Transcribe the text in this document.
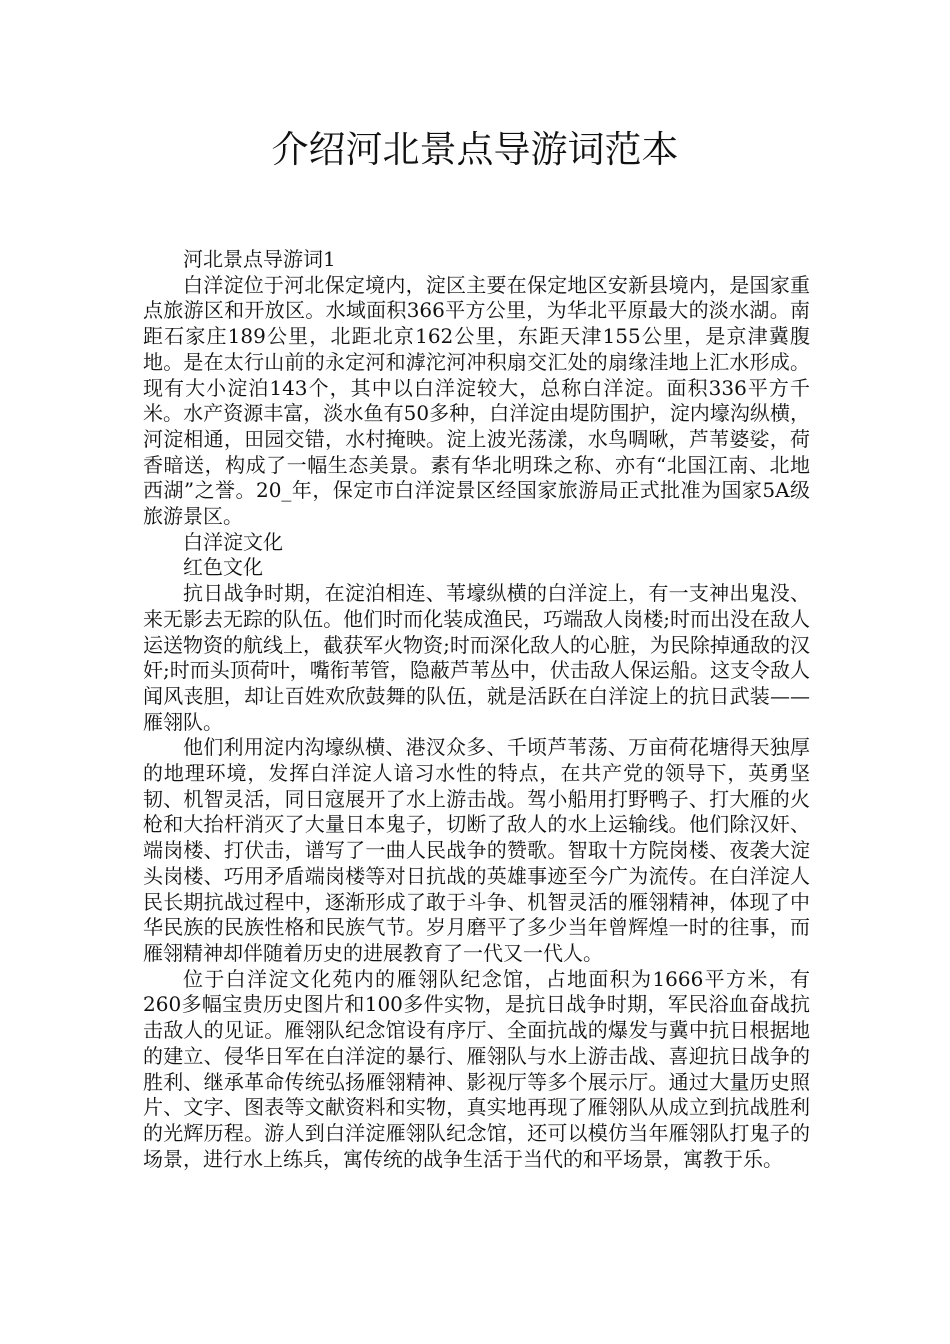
介绍河北景点导游词范本

河北景点导游词1

白洋淀位于河北保定境内，淀区主要在保定地区安新县境内，是国家重点旅游区和开放区。水域面积366平方公里，为华北平原最大的淡水湖。南距石家庄189公里，北距北京162公里，东距天津155公里，是京津冀腹地。是在太行山前的永定河和滹沱河冲积扇交汇处的扇缘洼地上汇水形成。现有大小淀泊143个，其中以白洋淀较大，总称白洋淀。面积336平方千米。水产资源丰富，淡水鱼有50多种，白洋淀由堤防围护，淀内壕沟纵横，河淀相通，田园交错，水村掩映。淀上波光荡漾，水鸟啁啾，芦苇婆娑，荷香暗送，构成了一幅生态美景。素有华北明珠之称、亦有“北国江南、北地西湖”之誉。20_年，保定市白洋淀景区经国家旅游局正式批准为国家5A级旅游景区。

白洋淀文化

红色文化

抗日战争时期，在淀泊相连、苇壕纵横的白洋淀上，有一支神出鬼没、来无影去无踪的队伍。他们时而化装成渔民，巧端敌人岗楼;时而出没在敌人运送物资的航线上，截获军火物资;时而深化敌人的心脏，为民除掉通敌的汉奸;时而头顶荷叶，嘴衔苇管，隐蔽芦苇丛中，伏击敌人保运船。这支令敌人闻风丧胆，却让百姓欢欣鼓舞的队伍，就是活跃在白洋淀上的抗日武装——雁翎队。

他们利用淀内沟壕纵横、港汊众多、千顷芦苇荡、万亩荷花塘得天独厚的地理环境，发挥白洋淀人谙习水性的特点，在共产党的领导下，英勇坚韧、机智灵活，同日寇展开了水上游击战。驾小船用打野鸭子、打大雁的火枪和大抬杆消灭了大量日本鬼子，切断了敌人的水上运输线。他们除汉奸、端岗楼、打伏击，谱写了一曲人民战争的赞歌。智取十方院岗楼、夜袭大淀头岗楼、巧用矛盾端岗楼等对日抗战的英雄事迹至今广为流传。在白洋淀人民长期抗战过程中，逐渐形成了敢于斗争、机智灵活的雁翎精神，体现了中华民族的民族性格和民族气节。岁月磨平了多少当年曾辉煌一时的往事，而雁翎精神却伴随着历史的进展教育了一代又一代人。

位于白洋淀文化苑内的雁翎队纪念馆，占地面积为1666平方米，有260多幅宝贵历史图片和100多件实物，是抗日战争时期，军民浴血奋战抗击敌人的见证。雁翎队纪念馆设有序厅、全面抗战的爆发与冀中抗日根据地的建立、侵华日军在白洋淀的暴行、雁翎队与水上游击战、喜迎抗日战争的胜利、继承革命传统弘扬雁翎精神、影视厅等多个展示厅。通过大量历史照片、文字、图表等文献资料和实物，真实地再现了雁翎队从成立到抗战胜利的光辉历程。游人到白洋淀雁翎队纪念馆，还可以模仿当年雁翎队打鬼子的场景，进行水上练兵，寓传统的战争生活于当代的和平场景，寓教于乐。
